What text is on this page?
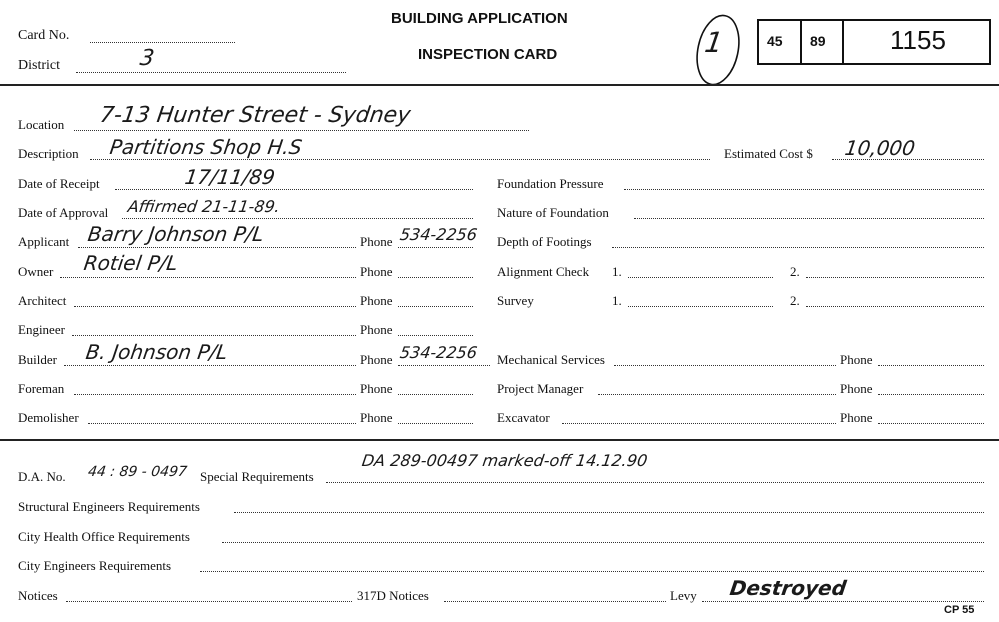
Card No.
District	3
BUILDING APPLICATION
INSPECTION CARD	1	45 89 1155
Location 7-13 Hunter Street - Sydney
Description Partitions Shop H.S	Estimated Cost $ 10,000
Date of Receipt	17/11/89
Date of Approval Affirmed 21-11-89.
Applicant Barry Johnson P/L	Phone 534-2256
Owner Rotiel P/L	Phone
Architect	Phone
Engineer	Phone
Builder B. Johnson P/L	Phone 534-2256
Foreman	Phone
Demolisher	Phone
Foundation Pressure
Nature of Foundation
Depth of Footings
Alignment Check 1.	2.
Survey	1.	2.
Mechanical Services	Phone
Project Manager	Phone
Excavator	Phone
D.A. No. 44 : 89 - 0497 Special Requirements
DA 289-00497 marked-off 14.12.90
Structural Engineers Requirements
City Health Office Requirements
City Engineers Requirements
Notices	317D Notices	Levy Destroyed
CP 55
